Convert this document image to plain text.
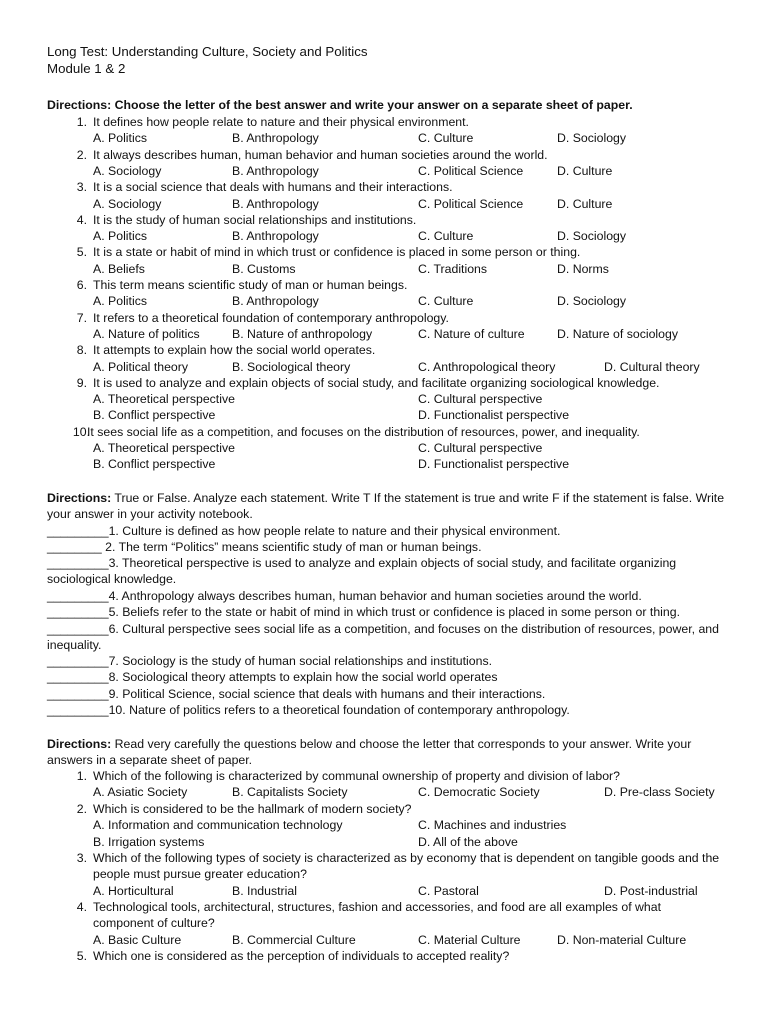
Long Test: Understanding Culture, Society and Politics
Module 1 & 2
Directions: Choose the letter of the best answer and write your answer on a separate sheet of paper.
1. It defines how people relate to nature and their physical environment.
A. Politics	B. Anthropology	C. Culture	D. Sociology
2. It always describes human, human behavior and human societies around the world.
A. Sociology	B. Anthropology	C. Political Science	D. Culture
3. It is a social science that deals with humans and their interactions.
A. Sociology	B. Anthropology	C. Political Science	D. Culture
4. It is the study of human social relationships and institutions.
A. Politics	B. Anthropology	C. Culture	D. Sociology
5. It is a state or habit of mind in which trust or confidence is placed in some person or thing.
A. Beliefs	B. Customs	C. Traditions	D. Norms
6. This term means scientific study of man or human beings.
A. Politics	B. Anthropology	C. Culture	D. Sociology
7. It refers to a theoretical foundation of contemporary anthropology.
A. Nature of politics	B. Nature of anthropology	C. Nature of culture	D. Nature of sociology
8. It attempts to explain how the social world operates.
A. Political theory	B. Sociological theory	C. Anthropological theory	D. Cultural theory
9. It is used to analyze and explain objects of social study, and facilitate organizing sociological knowledge.
A. Theoretical perspective	C. Cultural perspective
B. Conflict perspective	D. Functionalist perspective
10.
It sees social life as a competition, and focuses on the distribution of resources, power, and inequality.
A. Theoretical perspective	C. Cultural perspective
B. Conflict perspective	D. Functionalist perspective
Directions: True or False. Analyze each statement. Write T If the statement is true and write F if the statement is false. Write your answer in your activity notebook.
_________1. Culture is defined as how people relate to nature and their physical environment.
________ 2. The term “Politics” means scientific study of man or human beings.
_________3. Theoretical perspective is used to analyze and explain objects of social study, and facilitate organizing sociological knowledge.
_________4. Anthropology always describes human, human behavior and human societies around the world.
_________5. Beliefs refer to the state or habit of mind in which trust or confidence is placed in some person or thing.
_________6. Cultural perspective sees social life as a competition, and focuses on the distribution of resources, power, and inequality.
_________7. Sociology is the study of human social relationships and institutions.
_________8. Sociological theory attempts to explain how the social world operates
_________9. Political Science, social science that deals with humans and their interactions.
_________10. Nature of politics refers to a theoretical foundation of contemporary anthropology.
Directions: Read very carefully the questions below and choose the letter that corresponds to your answer. Write your answers in a separate sheet of paper.
1. Which of the following is characterized by communal ownership of property and division of labor?
A. Asiatic Society	B. Capitalists Society	C. Democratic Society	D. Pre-class Society
2. Which is considered to be the hallmark of modern society?
A. Information and communication technology	C. Machines and industries
B. Irrigation systems	D. All of the above
3. Which of the following types of society is characterized as by economy that is dependent on tangible goods and the people must pursue greater education?
A. Horticultural	B. Industrial	C. Pastoral	D. Post-industrial
4. Technological tools, architectural, structures, fashion and accessories, and food are all examples of what component of culture?
A. Basic Culture	B. Commercial Culture	C. Material Culture	D. Non-material Culture
5. Which one is considered as the perception of individuals to accepted reality?
